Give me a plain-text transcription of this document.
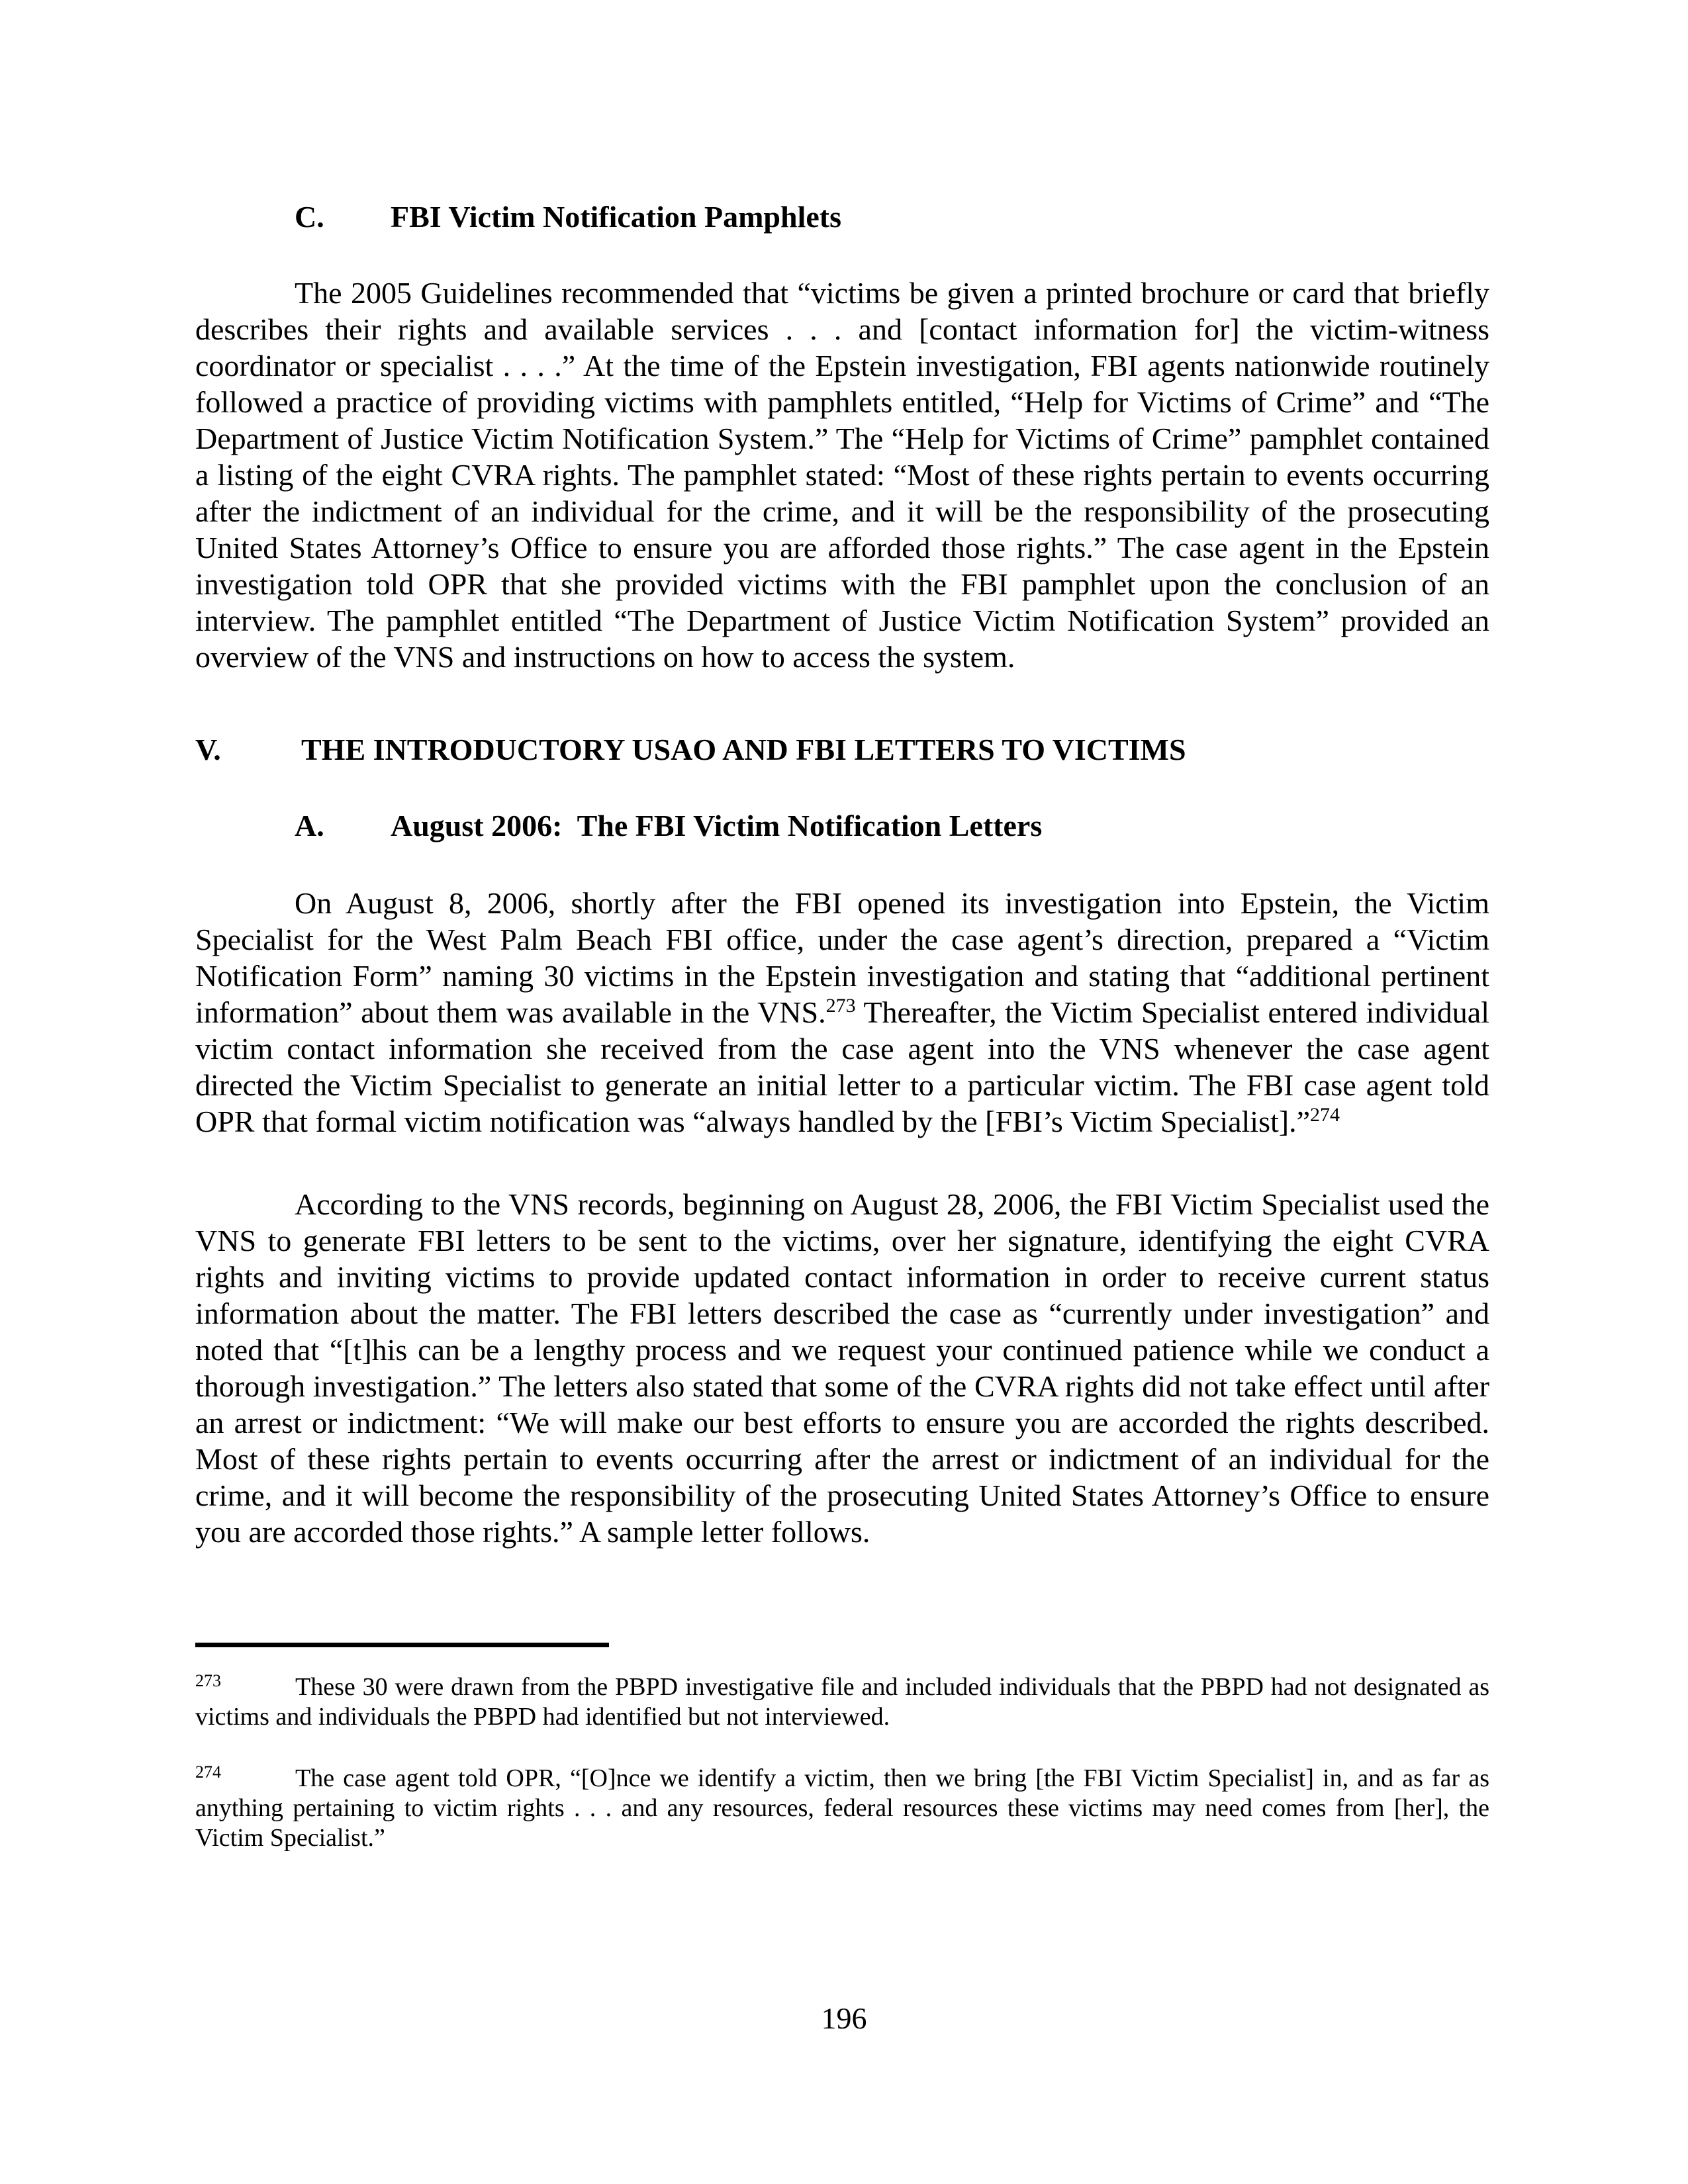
C. FBI Victim Notification Pamphlets

The 2005 Guidelines recommended that “victims be given a printed brochure or card that briefly describes their rights and available services . . . and [contact information for] the victim-witness coordinator or specialist . . . .” At the time of the Epstein investigation, FBI agents nationwide routinely followed a practice of providing victims with pamphlets entitled, “Help for Victims of Crime” and “The Department of Justice Victim Notification System.” The “Help for Victims of Crime” pamphlet contained a listing of the eight CVRA rights. The pamphlet stated: “Most of these rights pertain to events occurring after the indictment of an individual for the crime, and it will be the responsibility of the prosecuting United States Attorney’s Office to ensure you are afforded those rights.” The case agent in the Epstein investigation told OPR that she provided victims with the FBI pamphlet upon the conclusion of an interview. The pamphlet entitled “The Department of Justice Victim Notification System” provided an overview of the VNS and instructions on how to access the system.

V.	THE INTRODUCTORY USAO AND FBI LETTERS TO VICTIMS
A. August 2006:  The FBI Victim Notification Letters

On August 8, 2006, shortly after the FBI opened its investigation into Epstein, the Victim Specialist for the West Palm Beach FBI office, under the case agent’s direction, prepared a “Victim Notification Form” naming 30 victims in the Epstein investigation and stating that “additional pertinent information” about them was available in the VNS.$^{273}$ Thereafter, the Victim Specialist entered individual victim contact information she received from the case agent into the VNS whenever the case agent directed the Victim Specialist to generate an initial letter to a particular victim. The FBI case agent told OPR that formal victim notification was “always handled by the [FBI’s Victim Specialist].”$^{274}$

According to the VNS records, beginning on August 28, 2006, the FBI Victim Specialist used the VNS to generate FBI letters to be sent to the victims, over her signature, identifying the eight CVRA rights and inviting victims to provide updated contact information in order to receive current status information about the matter. The FBI letters described the case as “currently under investigation” and noted that “[t]his can be a lengthy process and we request your continued patience while we conduct a thorough investigation.” The letters also stated that some of the CVRA rights did not take effect until after an arrest or indictment: “We will make our best efforts to ensure you are accorded the rights described. Most of these rights pertain to events occurring after the arrest or indictment of an individual for the crime, and it will become the responsibility of the prosecuting United States Attorney’s Office to ensure you are accorded those rights.” A sample letter follows.

$^{273}$	These 30 were drawn from the PBPD investigative file and included individuals that the PBPD had not designated as victims and individuals the PBPD had identified but not interviewed.
$^{274}$	The case agent told OPR, “[O]nce we identify a victim, then we bring [the FBI Victim Specialist] in, and as far as anything pertaining to victim rights . . . and any resources, federal resources these victims may need comes from [her], the Victim Specialist.”
196
